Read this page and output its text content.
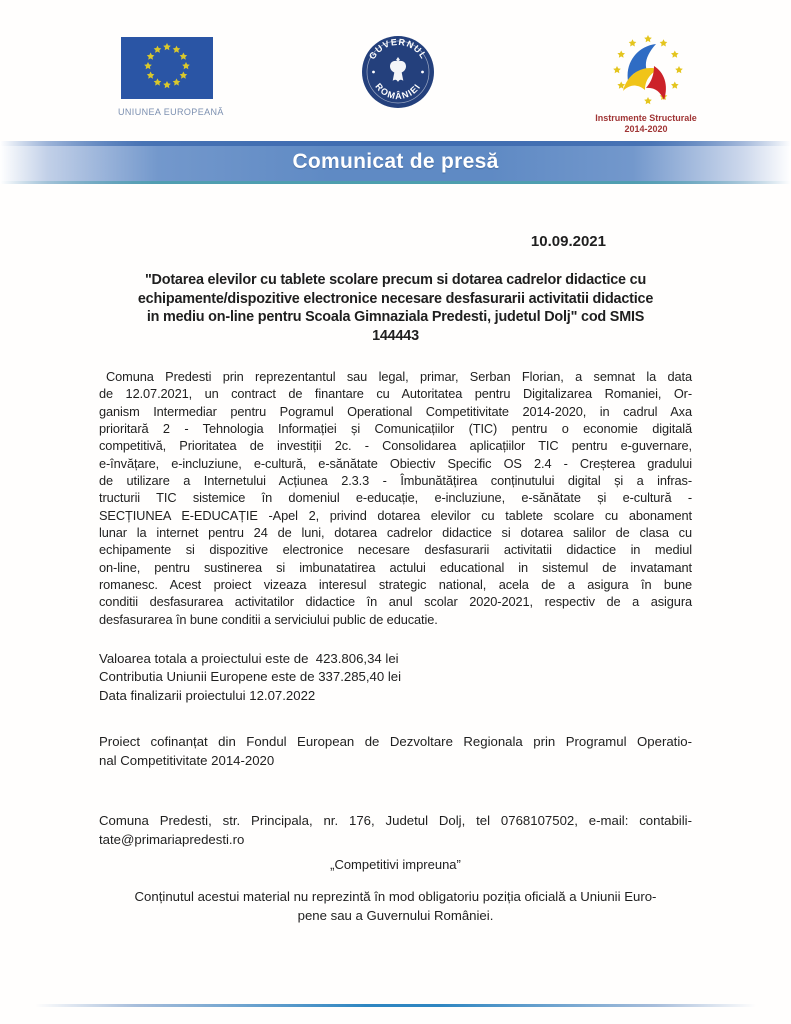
UNIUNEA EUROPEANĂ
GUVERNUL
ROMÂNIEI
Instrumente Structurale
2014-2020
Comunicat de presă
10.09.2021
"Dotarea elevilor cu tablete scolare precum si dotarea cadrelor didactice cu
echipamente/dispozitive electronice necesare desfasurarii activitatii didactice
in mediu on-line pentru Scoala Gimnaziala Predesti, judetul Dolj" cod SMIS
144443
Comuna Predesti prin reprezentantul sau legal, primar, Serban Florian, a semnat la data
de 12.07.2021, un contract de finantare cu Autoritatea pentru Digitalizarea Romaniei, Or-
ganism Intermediar pentru Pogramul Operational Competitivitate 2014-2020, in cadrul Axa
prioritară 2 - Tehnologia Informației și Comunicațiilor (TIC) pentru o economie digitală
competitivă, Prioritatea de investiții 2c. - Consolidarea aplicațiilor TIC pentru e-guvernare,
e-învățare, e-incluziune, e-cultură, e-sănătate Obiectiv Specific OS 2.4 - Creșterea gradului
de utilizare a Internetului Acțiunea 2.3.3 - Îmbunătățirea conținutului digital și a infras-
tructurii TIC sistemice în domeniul e-educație, e-incluziune, e-sănătate și e-cultură -
SECȚIUNEA E-EDUCAȚIE -Apel 2, privind dotarea elevilor cu tablete scolare cu abonament
lunar la internet pentru 24 de luni, dotarea cadrelor didactice si dotarea salilor de clasa cu
echipamente si dispozitive electronice necesare desfasurarii activitatii didactice in mediul
on-line, pentru sustinerea si imbunatatirea actului educational in sistemul de invatamant
romanesc. Acest proiect vizeaza interesul strategic national, acela de a asigura în bune
conditii desfasurarea activitatilor didactice în anul scolar 2020-2021, respectiv de a asigura
desfasurarea în bune conditii a serviciului public de educatie.
Valoarea totala a proiectului este de  423.806,34 lei
Contributia Uniunii Europene este de 337.285,40 lei
Data finalizarii proiectului 12.07.2022
Proiect cofinanțat din Fondul European de Dezvoltare Regionala prin Programul Operatio-
nal Competitivitate 2014-2020
Comuna Predesti, str. Principala, nr. 176, Judetul Dolj, tel 0768107502, e-mail: contabili-
tate@primariapredesti.ro
„Competitivi impreuna”
Conținutul acestui material nu reprezintă în mod obligatoriu poziția oficială a Uniunii Euro-
pene sau a Guvernului României.
